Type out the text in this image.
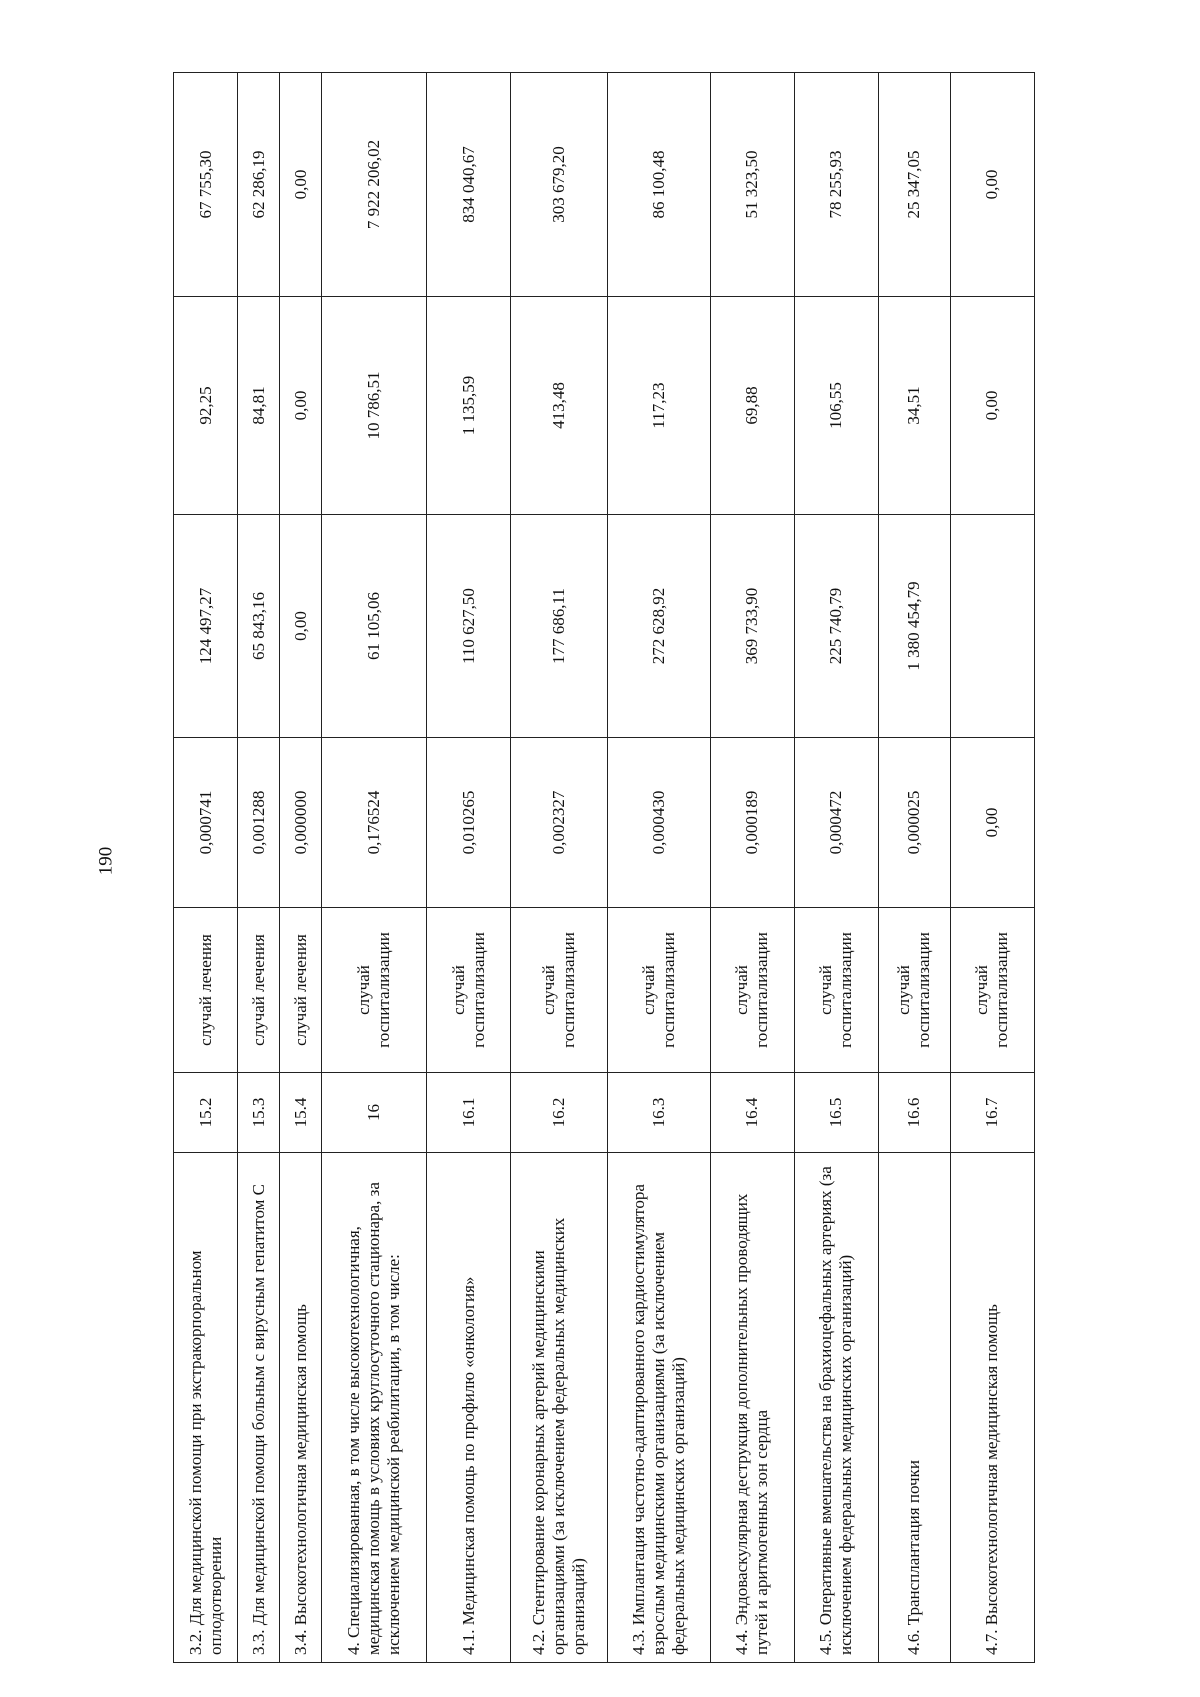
190
3.2. Для медицинской помощи при экстракорпоральном оплодотворении	15.2	случай лечения	0,000741	124 497,27	92,25	67 755,30
3.3. Для медицинской помощи больным с вирусным гепатитом С	15.3	случай лечения	0,001288	65 843,16	84,81	62 286,19
3.4. Высокотехнологичная медицинская помощь	15.4	случай лечения	0,000000	0,00	0,00	0,00
4. Специализированная, в том числе высокотехнологичная, медицинская помощь в условиях круглосуточного стационара, за исключением медицинской реабилитации, в том числе:	16	случай госпитализации	0,176524	61 105,06	10 786,51	7 922 206,02
4.1. Медицинская помощь по профилю «онкология»	16.1	случай госпитализации	0,010265	110 627,50	1 135,59	834 040,67
4.2. Стентирование коронарных артерий медицинскими организациями (за исключением федеральных медицинских организаций)	16.2	случай госпитализации	0,002327	177 686,11	413,48	303 679,20
4.3. Имплантация частотно-адаптированного кардиостимулятора взрослым медицинскими организациями (за исключением федеральных медицинских организаций)	16.3	случай госпитализации	0,000430	272 628,92	117,23	86 100,48
4.4. Эндоваскулярная деструкция дополнительных проводящих путей и аритмогенных зон сердца	16.4	случай госпитализации	0,000189	369 733,90	69,88	51 323,50
4.5. Оперативные вмешательства на брахиоцефальных артериях (за исключением федеральных медицинских организаций)	16.5	случай госпитализации	0,000472	225 740,79	106,55	78 255,93
4.6. Трансплантация почки	16.6	случай госпитализации	0,000025	1 380 454,79	34,51	25 347,05
4.7. Высокотехнологичная медицинская помощь	16.7	случай госпитализации	0,00		0,00	0,00
